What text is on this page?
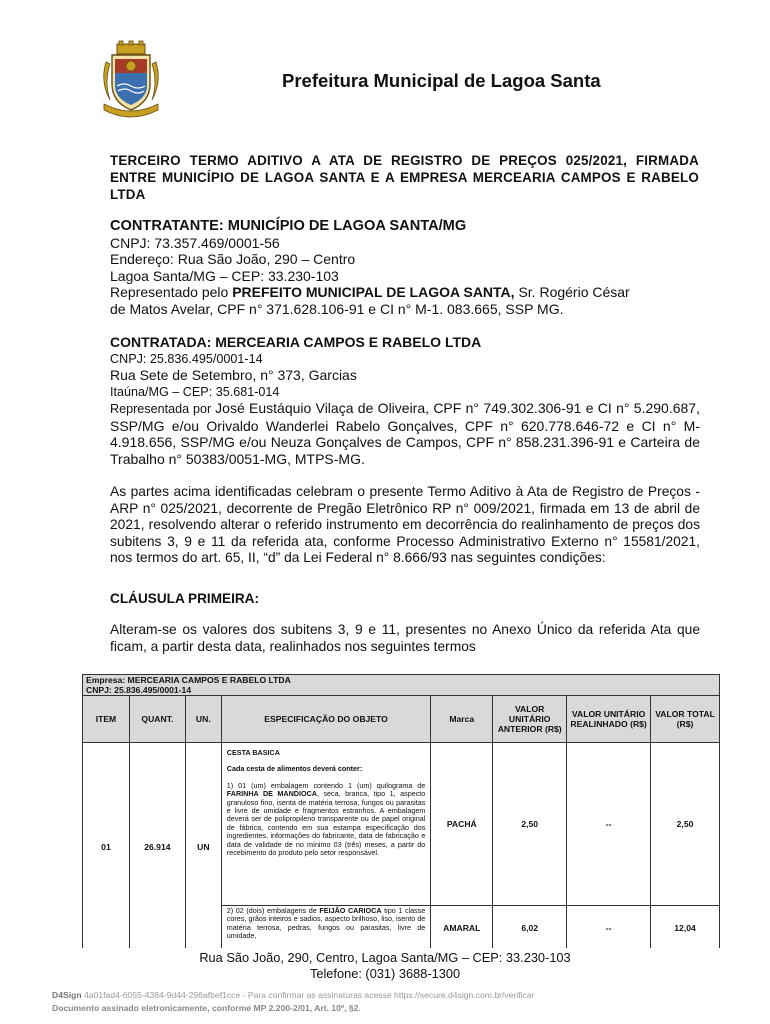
Prefeitura Municipal de Lagoa Santa
TERCEIRO TERMO ADITIVO A ATA DE REGISTRO DE PREÇOS 025/2021, FIRMADA ENTRE MUNICÍPIO DE LAGOA SANTA E A EMPRESA MERCEARIA CAMPOS E RABELO LTDA
CONTRATANTE: MUNICÍPIO DE LAGOA SANTA/MG
CNPJ: 73.357.469/0001-56
Endereço: Rua São João, 290 – Centro
Lagoa Santa/MG – CEP: 33.230-103
Representado pelo PREFEITO MUNICIPAL DE LAGOA SANTA, Sr. Rogério César
de Matos Avelar, CPF n° 371.628.106-91 e CI n° M-1. 083.665, SSP MG.
CONTRATADA: MERCEARIA CAMPOS E RABELO LTDA
CNPJ: 25.836.495/0001-14
Rua Sete de Setembro, n° 373, Garcias
Itaúna/MG – CEP: 35.681-014
Representada por José Eustáquio Vilaça de Oliveira, CPF n° 749.302.306-91 e CI n° 5.290.687, SSP/MG e/ou Orivaldo Wanderlei Rabelo Gonçalves, CPF n° 620.778.646-72 e CI n° M-4.918.656, SSP/MG e/ou Neuza Gonçalves de Campos, CPF n° 858.231.396-91 e Carteira de Trabalho n° 50383/0051-MG, MTPS-MG.
As partes acima identificadas celebram o presente Termo Aditivo à Ata de Registro de Preços - ARP n° 025/2021, decorrente de Pregão Eletrônico RP n° 009/2021, firmada em 13 de abril de 2021, resolvendo alterar o referido instrumento em decorrência do realinhamento de preços dos subitens 3, 9 e 11 da referida ata, conforme Processo Administrativo Externo n° 15581/2021, nos termos do art. 65, II, “d” da Lei Federal n° 8.666/93 nas seguintes condições:
CLÁUSULA PRIMEIRA:
Alteram-se os valores dos subitens 3, 9 e 11, presentes no Anexo Único da referida Ata que ficam, a partir desta data, realinhados nos seguintes termos
Empresa: MERCEARIA CAMPOS E RABELO LTDA
CNPJ: 25.836.495/0001-14							

ITEM	QUANT.	UN.	ESPECIFICAÇÃO DO OBJETO	Marca	VALOR UNITÁRIO ANTERIOR (R$)	VALOR UNITÁRIO REALINHADO (R$)	VALOR TOTAL (R$)
01	26.914	UN	CESTA BASICA

Cada cesta de alimentos deverá conter:

1) 01 (um) embalagem contendo 1 (um) quilograma de FARINHA DE MANDIOCA, seca, branca, tipo 1, aspecto granuloso fino, isenta de matéria terrosa, fungos ou parasitas e livre de umidade e fragmentos estranhos. A embalagem deverá ser de polipropileno transparente ou de papel original de fábrica, contendo em sua estampa especificação dos ingredientes, informações do fabricante, data de fabricação e data de validade de no mínimo 03 (três) meses, a partir do recebimento do produto pelo setor responsável.	PACHÁ	2,50	--	2,50

			2) 02 (dois) embalagens de FEIJÃO CARIOCA tipo 1 classe cores, grãos inteiros e sadios, aspecto brilhoso, liso, isento de matéria terrosa, pedras, fungos ou parasitas, livre de umidade,	AMARAL	6,02	--	12,04
Rua São João, 290, Centro, Lagoa Santa/MG – CEP: 33.230-103
Telefone: (031) 3688-1300
D4Sign 4a01fad4-6055-4384-9d44-296afbef1cce - Para confirmar as assinaturas acesse https://secure.d4sign.com.br/verificar
Documento assinado eletronicamente, conforme MP 2.200-2/01, Art. 10º, §2.
